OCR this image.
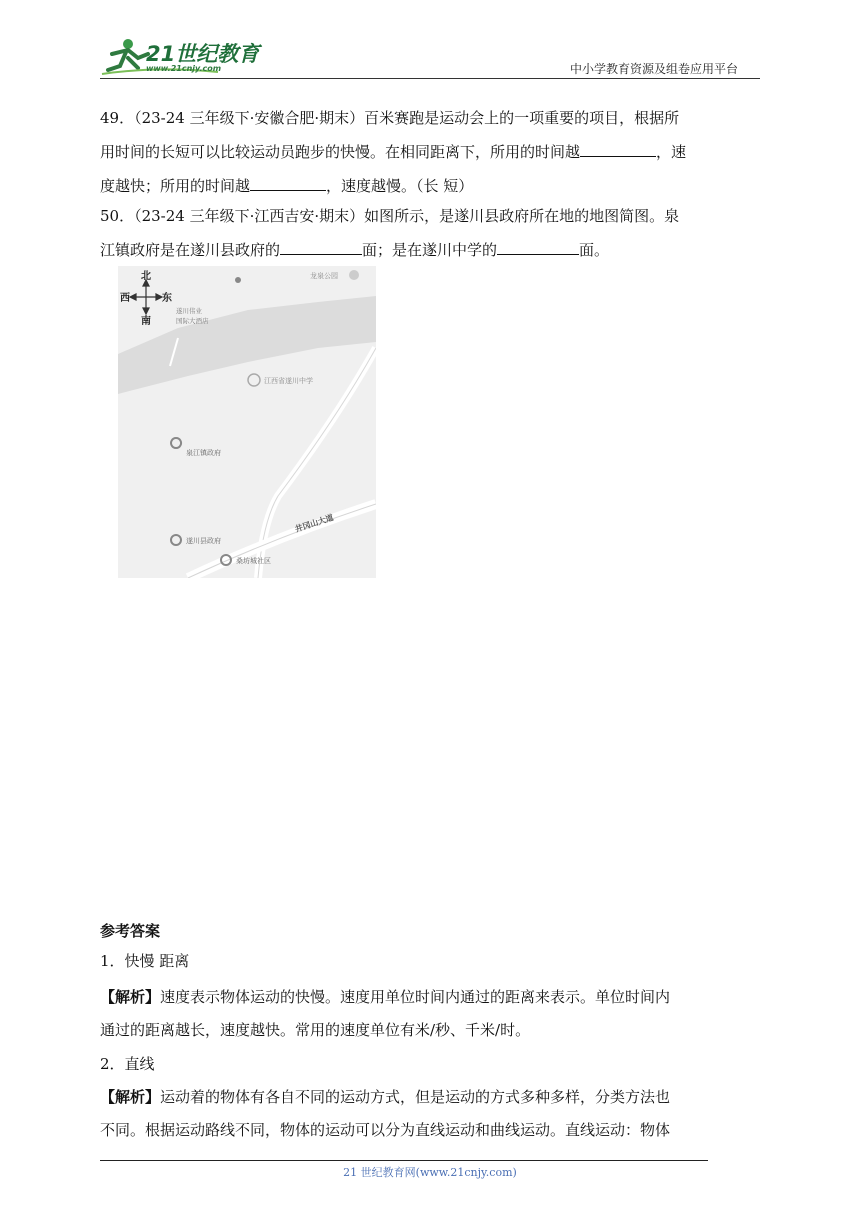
21世纪教育
www.21cnjy.com	中小学教育资源及组卷应用平台
49．（23-24 三年级下·安徽合肥·期末）百米赛跑是运动会上的一项重要的项目，根据所
用时间的长短可以比较运动员跑步的快慢。在相同距离下，所用的时间越	，速
度越快；所用的时间越	，速度越慢。（长 短）
50．（23-24 三年级下·江西吉安·期末）如图所示，是遂川县政府所在地的地图简图。泉
江镇政府是在遂川县政府的	面；是在遂川中学的	面。
北
南
西	东
遂川伟业
国际大酒店
龙泉公园
江西省遂川中学
泉江镇政府
遂川县政府
桑坊城社区
井冈山大道
参考答案
1．快慢 距离
【解析】速度表示物体运动的快慢。速度用单位时间内通过的距离来表示。单位时间内
通过的距离越长，速度越快。常用的速度单位有米/秒、千米/时。
2．直线
【解析】运动着的物体有各自不同的运动方式，但是运动的方式多种多样，分类方法也
不同。根据运动路线不同，物体的运动可以分为直线运动和曲线运动。直线运动：物体
21 世纪教育网(www.21cnjy.com)
